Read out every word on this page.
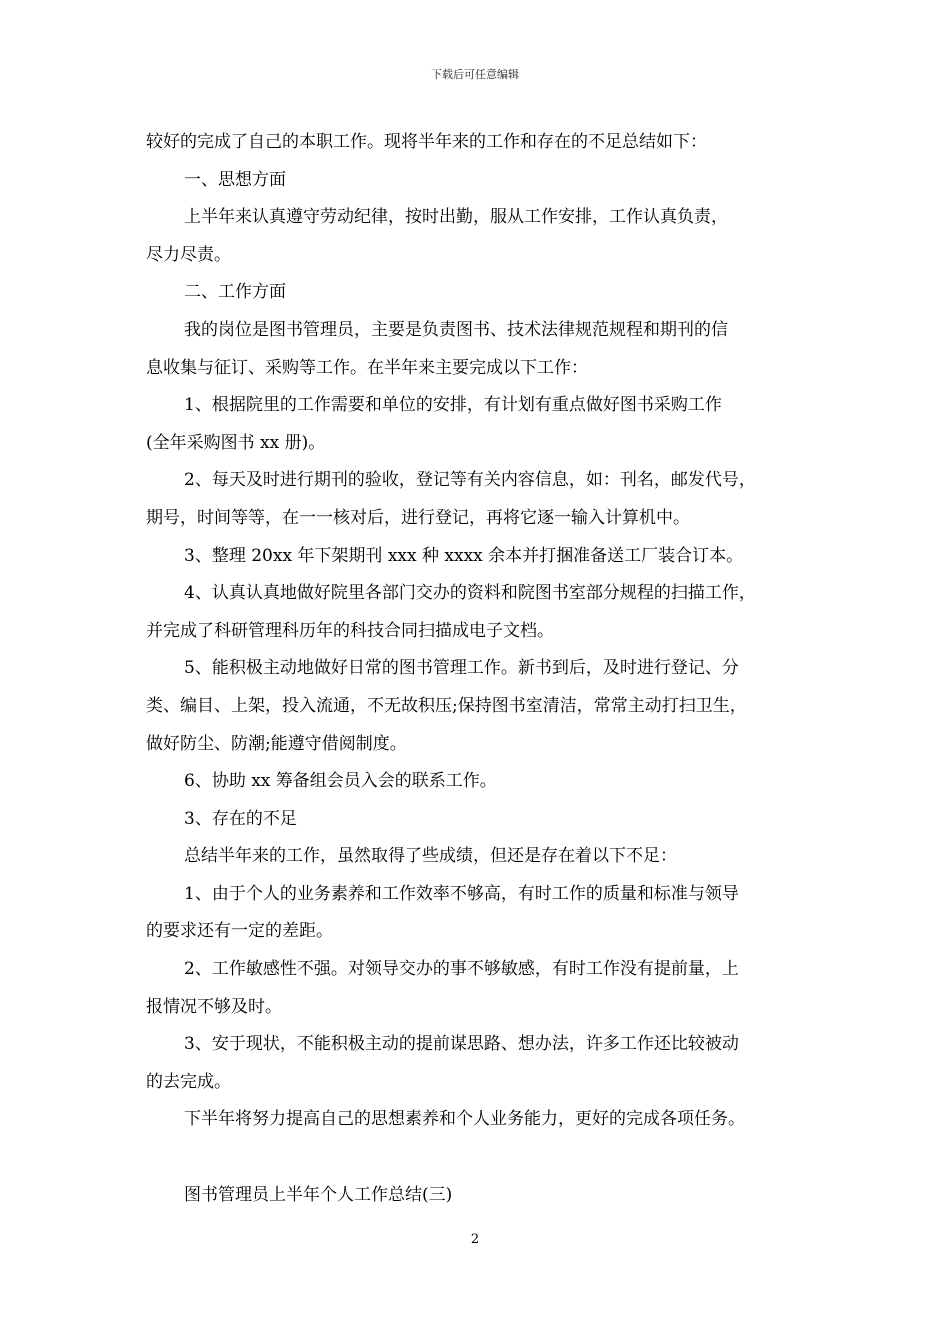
下载后可任意编辑
较好的完成了自己的本职工作。现将半年来的工作和存在的不足总结如下：
一、思想方面
上半年来认真遵守劳动纪律，按时出勤，服从工作安排，工作认真负责，
尽力尽责。
二、工作方面
我的岗位是图书管理员，主要是负责图书、技术法律规范规程和期刊的信
息收集与征订、采购等工作。在半年来主要完成以下工作：
1、根据院里的工作需要和单位的安排，有计划有重点做好图书采购工作
(全年采购图书 xx 册)。
2、每天及时进行期刊的验收，登记等有关内容信息，如：刊名，邮发代号，
期号，时间等等，在一一核对后，进行登记，再将它逐一输入计算机中。
3、整理 20xx 年下架期刊 xxx 种 xxxx 余本并打捆准备送工厂装合订本。
4、认真认真地做好院里各部门交办的资料和院图书室部分规程的扫描工作，
并完成了科研管理科历年的科技合同扫描成电子文档。
5、能积极主动地做好日常的图书管理工作。新书到后，及时进行登记、分
类、编目、上架，投入流通，不无故积压;保持图书室清洁，常常主动打扫卫生，
做好防尘、防潮;能遵守借阅制度。
6、协助 xx 筹备组会员入会的联系工作。
3、存在的不足
总结半年来的工作，虽然取得了些成绩，但还是存在着以下不足：
1、由于个人的业务素养和工作效率不够高，有时工作的质量和标准与领导
的要求还有一定的差距。
2、工作敏感性不强。对领导交办的事不够敏感，有时工作没有提前量，上
报情况不够及时。
3、安于现状，不能积极主动的提前谋思路、想办法，许多工作还比较被动
的去完成。
下半年将努力提高自己的思想素养和个人业务能力，更好的完成各项任务。
图书管理员上半年个人工作总结(三)
2
